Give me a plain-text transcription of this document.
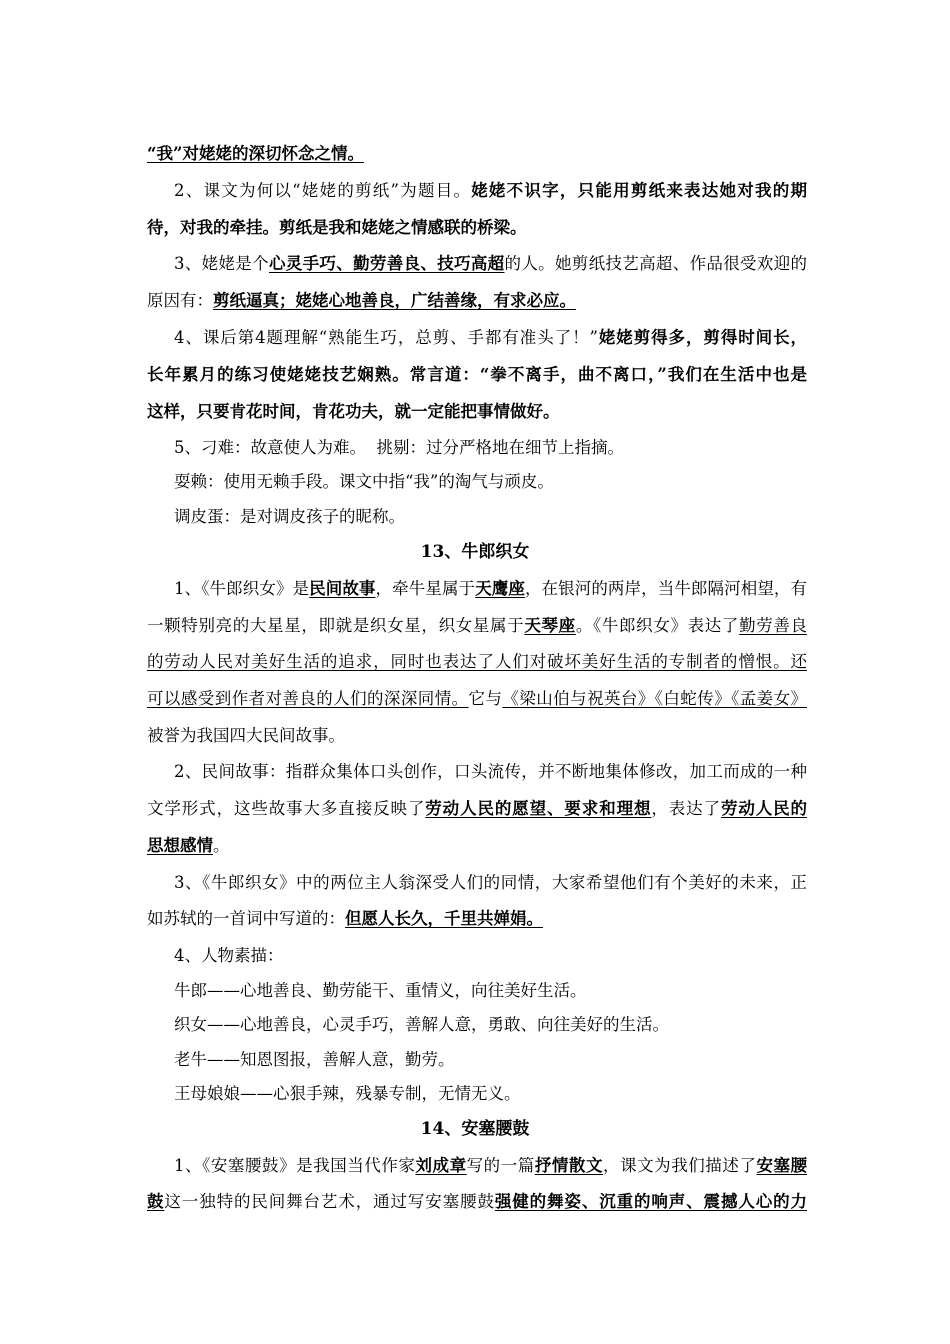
“我”对姥姥的深切怀念之情。
2、课文为何以“姥姥的剪纸”为题目。姥姥不识字，只能用剪纸来表达她对我的期
待，对我的牵挂。剪纸是我和姥姥之情感联的桥梁。
3、姥姥是个心灵手巧、勤劳善良、技巧高超的人。她剪纸技艺高超、作品很受欢迎的
原因有：剪纸逼真；姥姥心地善良，广结善缘，有求必应。
4、课后第4题理解“熟能生巧，总剪、手都有准头了！”姥姥剪得多，剪得时间长，
长年累月的练习使姥姥技艺娴熟。常言道：“拳不离手，曲不离口，”我们在生活中也是
这样，只要肯花时间，肯花功夫，就一定能把事情做好。
5、刁难：故意使人为难。  挑剔：过分严格地在细节上指摘。
耍赖：使用无赖手段。课文中指“我”的淘气与顽皮。
调皮蛋：是对调皮孩子的昵称。
13、牛郎织女
1、《牛郎织女》是民间故事，牵牛星属于天鹰座，在银河的两岸，当牛郎隔河相望，有
一颗特别亮的大星星，即就是织女星，织女星属于天琴座。《牛郎织女》表达了勤劳善良
的劳动人民对美好生活的追求，同时也表达了人们对破坏美好生活的专制者的憎恨。还
可以感受到作者对善良的人们的深深同情。它与《梁山伯与祝英台》《白蛇传》《孟姜女》
被誉为我国四大民间故事。
2、民间故事：指群众集体口头创作，口头流传，并不断地集体修改，加工而成的一种
文学形式，这些故事大多直接反映了劳动人民的愿望、要求和理想，表达了劳动人民的
思想感情。
3、《牛郎织女》中的两位主人翁深受人们的同情，大家希望他们有个美好的未来，正
如苏轼的一首词中写道的：但愿人长久，千里共婵娟。
4、人物素描：
牛郎——心地善良、勤劳能干、重情义，向往美好生活。
织女——心地善良，心灵手巧，善解人意，勇敢、向往美好的生活。
老牛——知恩图报，善解人意，勤劳。
王母娘娘——心狠手辣，残暴专制，无情无义。
14、安塞腰鼓
1、《安塞腰鼓》是我国当代作家刘成章写的一篇抒情散文，课文为我们描述了安塞腰
鼓这一独特的民间舞台艺术，通过写安塞腰鼓强健的舞姿、沉重的响声、震撼人心的力
